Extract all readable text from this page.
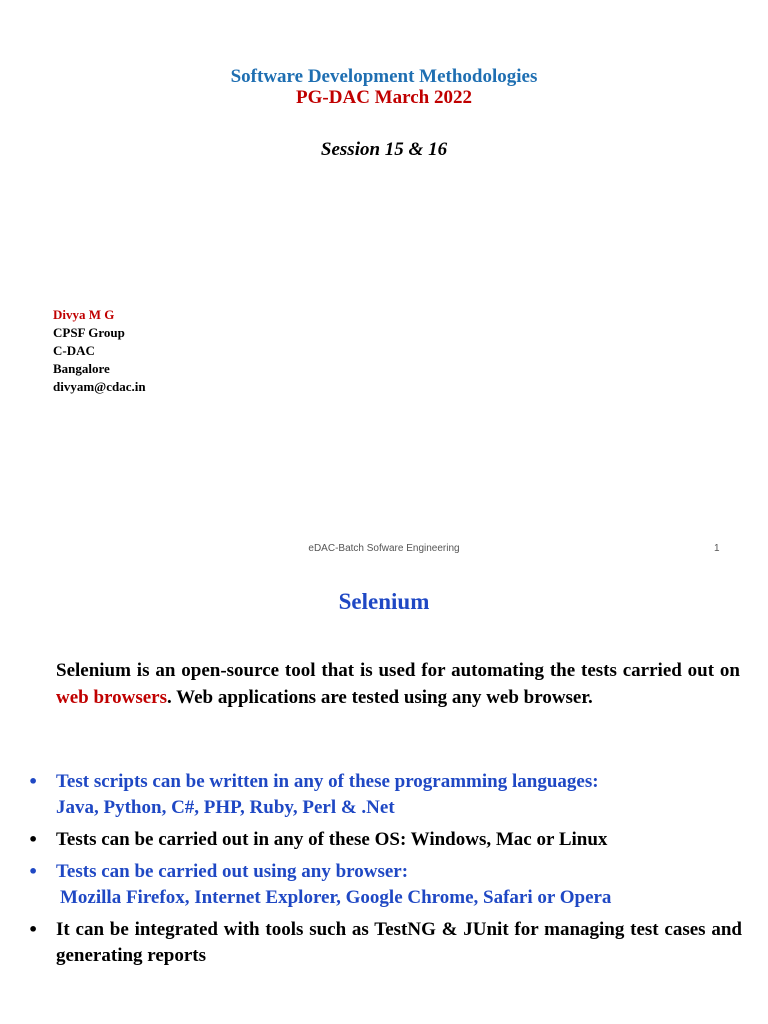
Software Development Methodologies
PG-DAC March 2022
Session 15 & 16
Divya M G
CPSF Group
C-DAC
Bangalore
divyam@cdac.in
eDAC-Batch Sofware Engineering	1
Selenium
Selenium is an open-source tool that is used for automating the tests carried out on web browsers. Web applications are tested using any web browser.
• Test scripts can be written in any of these programming languages:
Java, Python, C#, PHP, Ruby, Perl & .Net
• Tests can be carried out in any of these OS: Windows, Mac or Linux
• Tests can be carried out using any browser:
Mozilla Firefox, Internet Explorer, Google Chrome, Safari or Opera
• It can be integrated with tools such as TestNG & JUnit for managing test cases and generating reports
